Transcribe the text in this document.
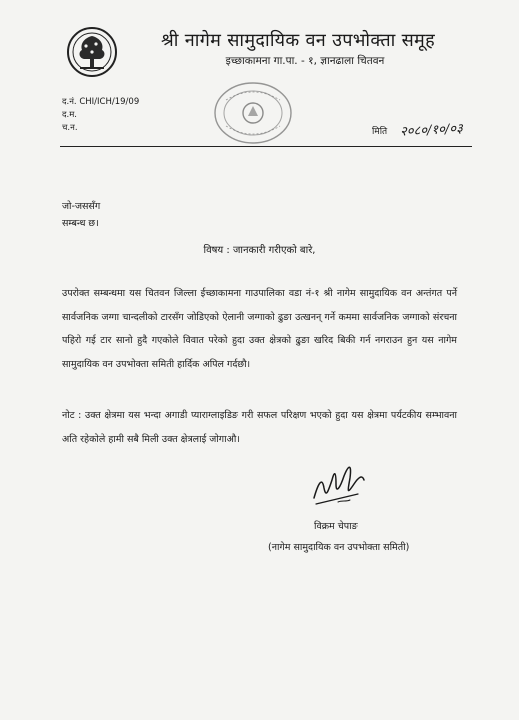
श्री नागेम सामुदायिक वन उपभोक्ता समूह
इच्छाकामना गा.पा. - १, ज्ञानढाला चितवन
द.नं. CHI/ICH/19/09
द.म.
च.न.	मिति २०८०/१०/०३
जो-जससँग
सम्बन्ध छ।
विषय : जानकारी गरीएको बारे,
उपरोक्त सम्बन्धमा यस चितवन जिल्ला ईच्छाकामना गाउपालिका वडा नं-१ श्री नागेम सामुदायिक वन अन्तंगत पर्ने सार्वजनिक जग्गा चान्दलीको टारसँग जोडिएको ऐलानी जग्गाको ढुङा उत्खनन् गर्ने कममा सार्वजनिक जग्गाको संरचना पहिरो गई टार सानो हुदै गएकोले विवात परेको हुदा उक्त क्षेत्रको ढुङा खरिद बिकी गर्न नगराउन हुन यस नागेम सामुदायिक वन उपभोक्ता समिती हार्दिक अपिल गर्दछौ।
नोट : उक्त क्षेत्रमा यस भन्दा अगाडी प्याराग्लाइडिङ गरी सफल परिक्षण भएको हुदा यस क्षेत्रमा पर्यटकीय सम्भावना अति रहेकोले हामी सबै मिली उक्त क्षेत्रलाई जोगाऔ।
विक्रम चेपाङ
(नागेम सामुदायिक वन उपभोक्ता समिती)
